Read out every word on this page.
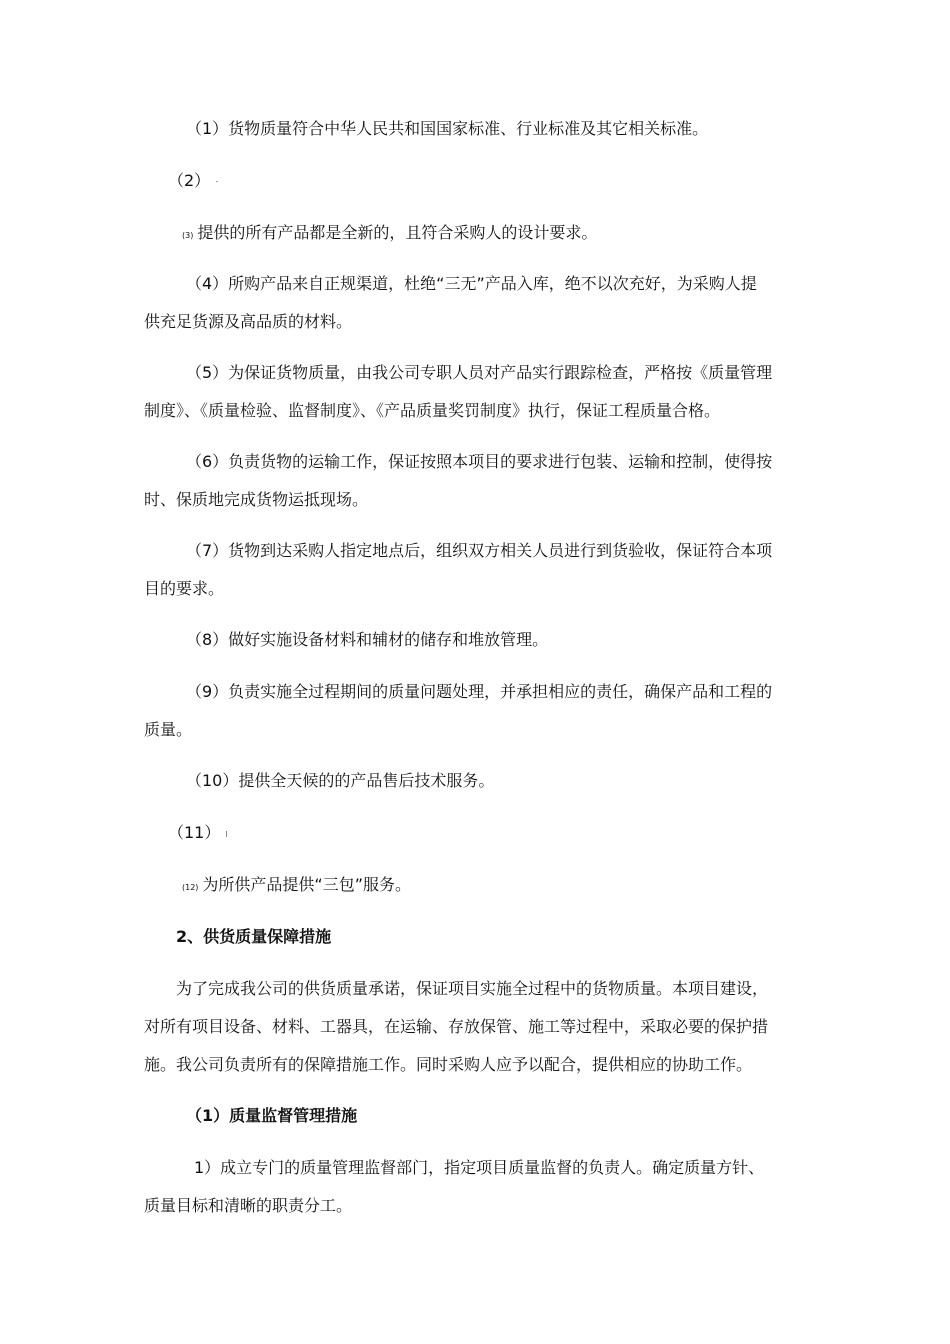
（1）货物质量符合中华人民共和国国家标准、行业标准及其它相关标准。

（2）

(3) 提供的所有产品都是全新的，且符合采购人的设计要求。

（4）所购产品来自正规渠道，杜绝“三无”产品入库，绝不以次充好，为采购人提
供充足货源及高品质的材料。
（5）为保证货物质量，由我公司专职人员对产品实行跟踪检查，严格按《质量管理
制度》、《质量检验、监督制度》、《产品质量奖罚制度》执行，保证工程质量合格。
（6）负责货物的运输工作，保证按照本项目的要求进行包装、运输和控制，使得按
时、保质地完成货物运抵现场。
（7）货物到达采购人指定地点后，组织双方相关人员进行到货验收，保证符合本项
目的要求。

（8）做好实施设备材料和辅材的储存和堆放管理。

（9）负责实施全过程期间的质量问题处理，并承担相应的责任，确保产品和工程的
质量。

（10）提供全天候的的产品售后技术服务。

（11）

(12) 为所供产品提供“三包”服务。

2、供货质量保障措施

为了完成我公司的供货质量承诺，保证项目实施全过程中的货物质量。本项目建设，
对所有项目设备、材料、工器具，在运输、存放保管、施工等过程中，采取必要的保护措
施。我公司负责所有的保障措施工作。同时采购人应予以配合，提供相应的协助工作。

（1）质量监督管理措施

1）成立专门的质量管理监督部门，指定项目质量监督的负责人。确定质量方针、
质量目标和清晰的职责分工。
